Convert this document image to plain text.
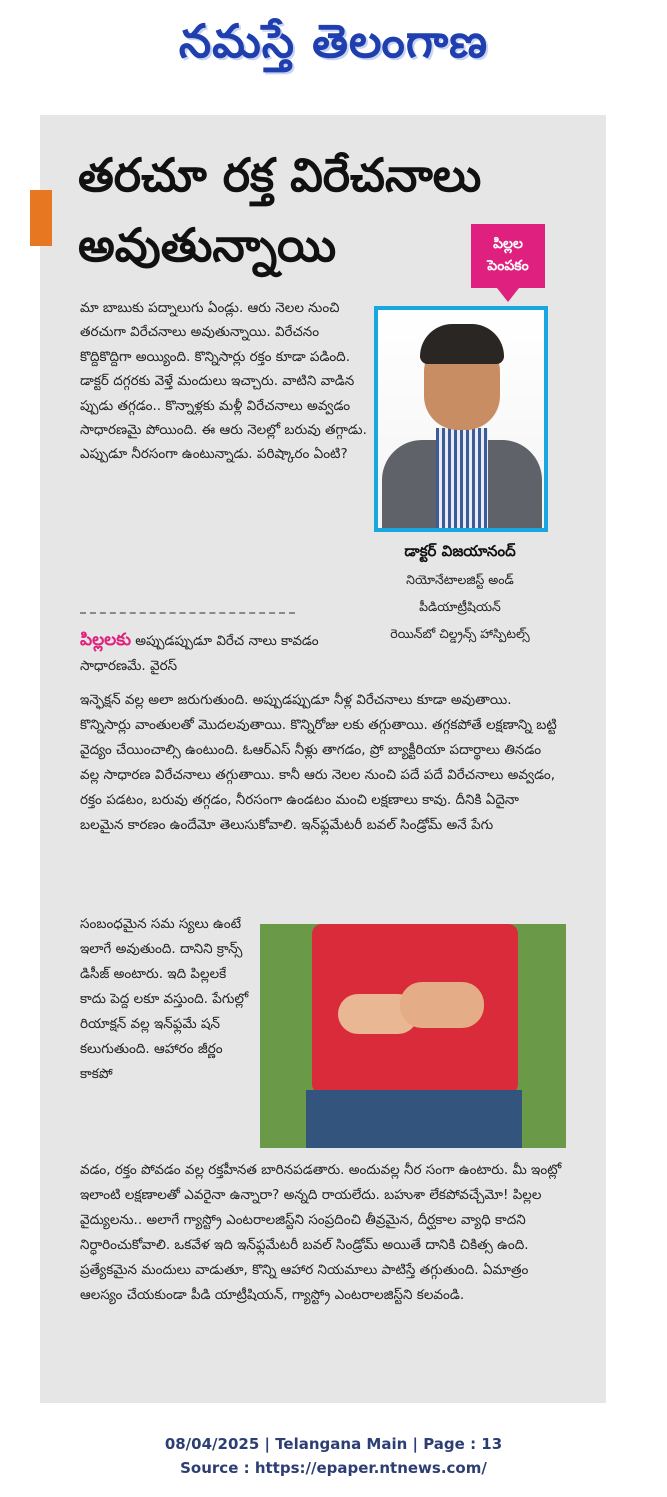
నమస్తే తెలంగాణ
తరచూ రక్త విరేచనాలు
అవుతున్నాయి	పిల్లల
పెంపకం
మా బాబుకు పద్నాలుగు ఏండ్లు. ఆరు నెలల నుంచి తరచుగా విరేచనాలు అవుతున్నాయి. విరేచనం కొద్దికొద్దిగా అయ్యింది. కొన్నిసార్లు రక్తం కూడా పడింది. డాక్టర్ దగ్గరకు వెళ్తే మందులు ఇచ్చారు. వాటిని వాడిన ప్పుడు తగ్గడం.. కొన్నాళ్లకు మళ్లీ విరేచనాలు అవ్వడం సాధారణమై పోయింది. ఈ ఆరు నెలల్లో బరువు తగ్గాడు. ఎప్పుడూ నీరసంగా ఉంటున్నాడు. పరిష్కారం ఏంటి?
డాక్టర్ విజయానంద్
నియోనేటాలజిస్ట్ అండ్
పీడియాట్రీషియన్
రెయిన్‌బో చిల్డ్రన్స్ హాస్పిటల్స్
పిల్లలకు అప్పుడప్పుడూ విరేచ నాలు కావడం సాధారణమే. వైరస్
ఇన్ఫెక్షన్ వల్ల అలా జరుగుతుంది. అప్పుడప్పుడూ నీళ్ల విరేచనాలు కూడా అవుతాయి. కొన్నిసార్లు వాంతులతో మొదలవుతాయి. కొన్నిరోజు లకు తగ్గుతాయి. తగ్గకపోతే లక్షణాన్ని బట్టి వైద్యం చేయించాల్సి ఉంటుంది. ఓఆర్ఎస్ నీళ్లు తాగడం, ప్రో బ్యాక్టీరియా పదార్థాలు తినడం వల్ల సాధారణ విరేచనాలు తగ్గుతాయి. కానీ ఆరు నెలల నుంచి పదే పదే విరేచనాలు అవ్వడం, రక్తం పడటం, బరువు తగ్గడం, నీరసంగా ఉండటం మంచి లక్షణాలు కావు. దీనికి ఏదైనా బలమైన కారణం ఉందేమో తెలుసుకోవాలి. ఇన్‌ఫ్లమేటరీ బవల్ సిండ్రోమ్ అనే పేగు
సంబంధమైన సమ స్యలు ఉంటే ఇలాగే అవుతుంది. దానిని క్రాన్స్ డిసీజ్ అంటారు. ఇది పిల్లలకే కాదు పెద్ద లకూ వస్తుంది. పేగుల్లో రియాక్షన్ వల్ల ఇన్‌ఫ్లమే షన్ కలుగుతుంది. ఆహారం జీర్ణం కాకపో
వడం, రక్తం పోవడం వల్ల రక్తహీనత బారినపడతారు. అందువల్ల నీర సంగా ఉంటారు. మీ ఇంట్లో ఇలాంటి లక్షణాలతో ఎవరైనా ఉన్నారా? అన్నది రాయలేదు. బహుశా లేకపోవచ్చేమో! పిల్లల వైద్యులను.. అలాగే గ్యాస్ట్రో ఎంటరాలజిస్ట్‌ని సంప్రదించి తీవ్రమైన, దీర్ఘకాల వ్యాధి కాదని నిర్ధారించుకోవాలి. ఒకవేళ ఇది ఇన్‌ఫ్లమేటరీ బవల్ సిండ్రోమ్ అయితే దానికి చికిత్స ఉంది. ప్రత్యేకమైన మందులు వాడుతూ, కొన్ని ఆహార నియమాలు పాటిస్తే తగ్గుతుంది. ఏమాత్రం ఆలస్యం చేయకుండా పీడి యాట్రీషియన్, గ్యాస్ట్రో ఎంటరాలజిస్ట్‌ని కలవండి.
08/04/2025 | Telangana Main | Page : 13
Source : https://epaper.ntnews.com/
